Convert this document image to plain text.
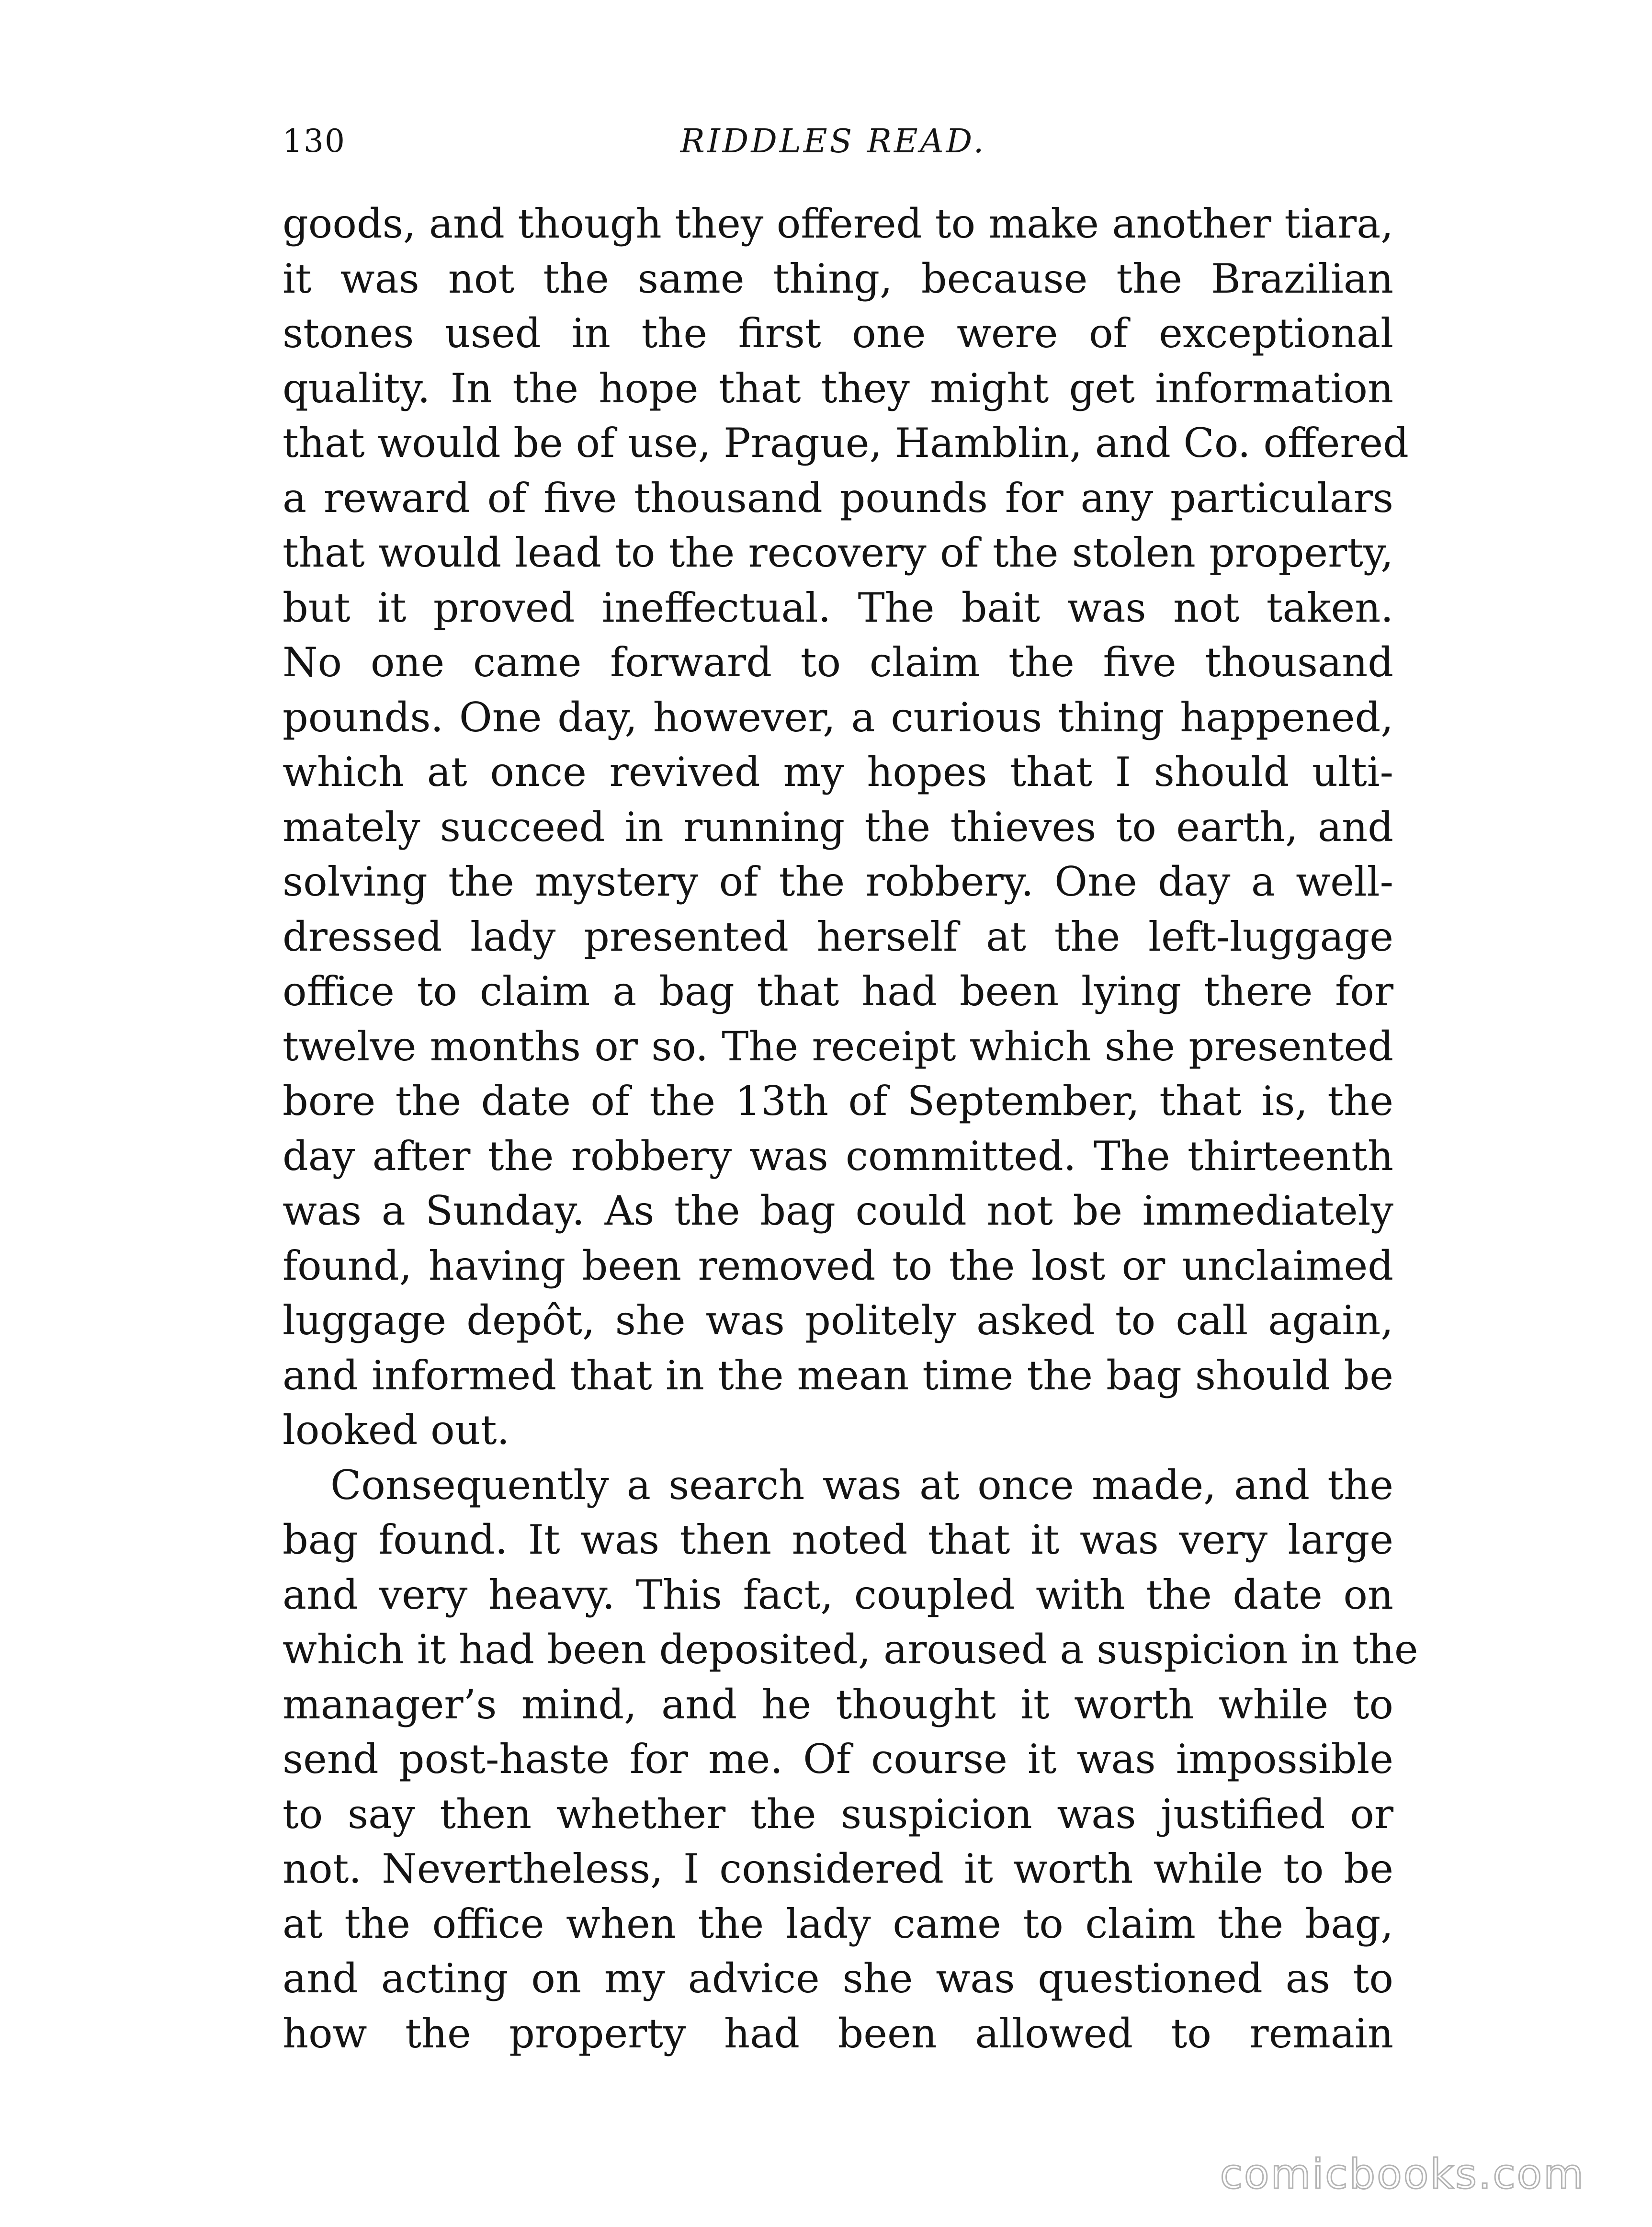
130	RIDDLES READ.
goods, and though they offered to make another tiara,
it was not the same thing, because the Brazilian
stones used in the first one were of exceptional
quality. In the hope that they might get information
that would be of use, Prague, Hamblin, and Co. offered
a reward of five thousand pounds for any particulars
that would lead to the recovery of the stolen property,
but it proved ineffectual. The bait was not taken.
No one came forward to claim the five thousand
pounds. One day, however, a curious thing happened,
which at once revived my hopes that I should ulti-
mately succeed in running the thieves to earth, and
solving the mystery of the robbery. One day a well-
dressed lady presented herself at the left-luggage
office to claim a bag that had been lying there for
twelve months or so. The receipt which she presented
bore the date of the 13th of September, that is, the
day after the robbery was committed. The thirteenth
was a Sunday. As the bag could not be immediately
found, having been removed to the lost or unclaimed
luggage depôt, she was politely asked to call again,
and informed that in the mean time the bag should be
looked out.
Consequently a search was at once made, and the
bag found. It was then noted that it was very large
and very heavy. This fact, coupled with the date on
which it had been deposited, aroused a suspicion in the
manager’s mind, and he thought it worth while to
send post-haste for me. Of course it was impossible
to say then whether the suspicion was justified or
not. Nevertheless, I considered it worth while to be
at the office when the lady came to claim the bag,
and acting on my advice she was questioned as to
how the property had been allowed to remain
comicbooks.com
